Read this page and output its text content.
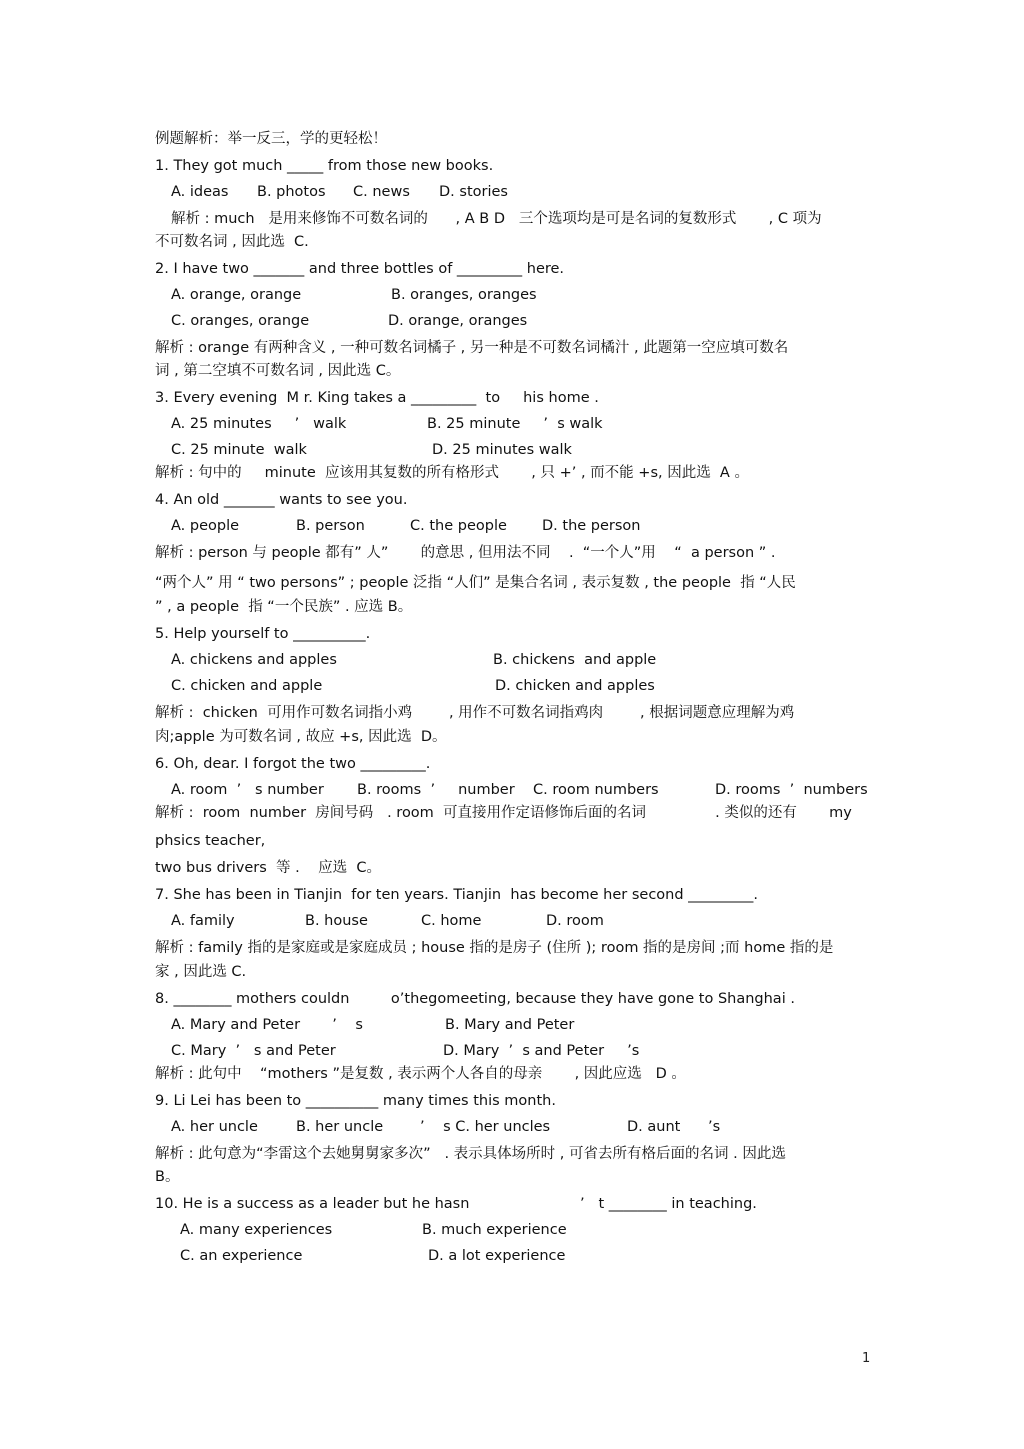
例题解析：举一反三，学的更轻松！

1. They got much _____ from those new books.

A. ideas	B. photos	C. news	D. stories

解析 : much   是用来修饰不可数名词的      , A B D   三个选项均是可是名词的复数形式       , C 项为

不可数名词 , 因此选  C.

2. I have two _______ and three bottles of _________ here.

A. orange, orange	B. oranges, oranges
C. oranges, orange	D. orange, oranges

解析 : orange 有两种含义 , 一种可数名词橘子 , 另一种是不可数名词橘汁 , 此题第一空应填可数名

词 , 第二空填不可数名词 , 因此选 C。

3. Every evening  M r. King takes a _________  to     his home .

A. 25 minutes     ’   walk	B. 25 minute     ’  s walk
C. 25 minute  walk	D. 25 minutes walk

解析 : 句中的     minute  应该用其复数的所有格形式       , 只 +’ , 而不能 +s, 因此选  A 。

4. An old _______ wants to see you.

A. people	B. person	C. the people	D. the person

解析 : person 与 people 都有” 人”       的意思 , 但用法不同    .  “一个人”用    “  a person ” .

“两个人” 用 “ two persons” ; people 泛指 “人们” 是集合名词 , 表示复数 , the people  指 “人民

” , a people  指 “一个民族” . 应选 B。

5. Help yourself to __________.

A. chickens and apples	B. chickens  and apple
C. chicken and apple	D. chicken and apples

解析 :  chicken  可用作可数名词指小鸡        , 用作不可数名词指鸡肉        , 根据词题意应理解为鸡

肉;apple 为可数名词 , 故应 +s, 因此选  D。

6. Oh, dear. I forgot the two _________.

A. room  ’   s number	B. rooms  ’     number	C. room numbers	D. rooms  ’  numbers

解析 :  room  number  房间号码   . room  可直接用作定语修饰后面的名词               . 类似的还有       my

phsics teacher,

two bus drivers  等 .    应选  C。

7. She has been in Tianjin  for ten years. Tianjin  has become her second _________.

A. family	B. house	C. home	D. room

解析 : family 指的是家庭或是家庭成员 ; house 指的是房子 (住所 ); room 指的是房间 ;而 home 指的是

家 , 因此选 C.

8. ________ mothers couldn         o’thegomeeting, because they have gone to Shanghai .

A. Mary and Peter       ’    s	B. Mary and Peter
C. Mary  ’   s and Peter	D. Mary  ’  s and Peter     ’s

解析 : 此句中    “mothers ”是复数 , 表示两个人各自的母亲       , 因此应选   D 。

9. Li Lei has been to __________ many times this month.

A. her uncle	B. her uncle        ’    s C. her uncles	D. aunt      ’s

解析 : 此句意为“李雷这个去她舅舅家多次”   . 表示具体场所时 , 可省去所有格后面的名词 . 因此选

B。

10. He is a success as a leader but he hasn                        ’   t ________ in teaching.

A. many experiences	B. much experience
C. an experience	D. a lot experience
1
